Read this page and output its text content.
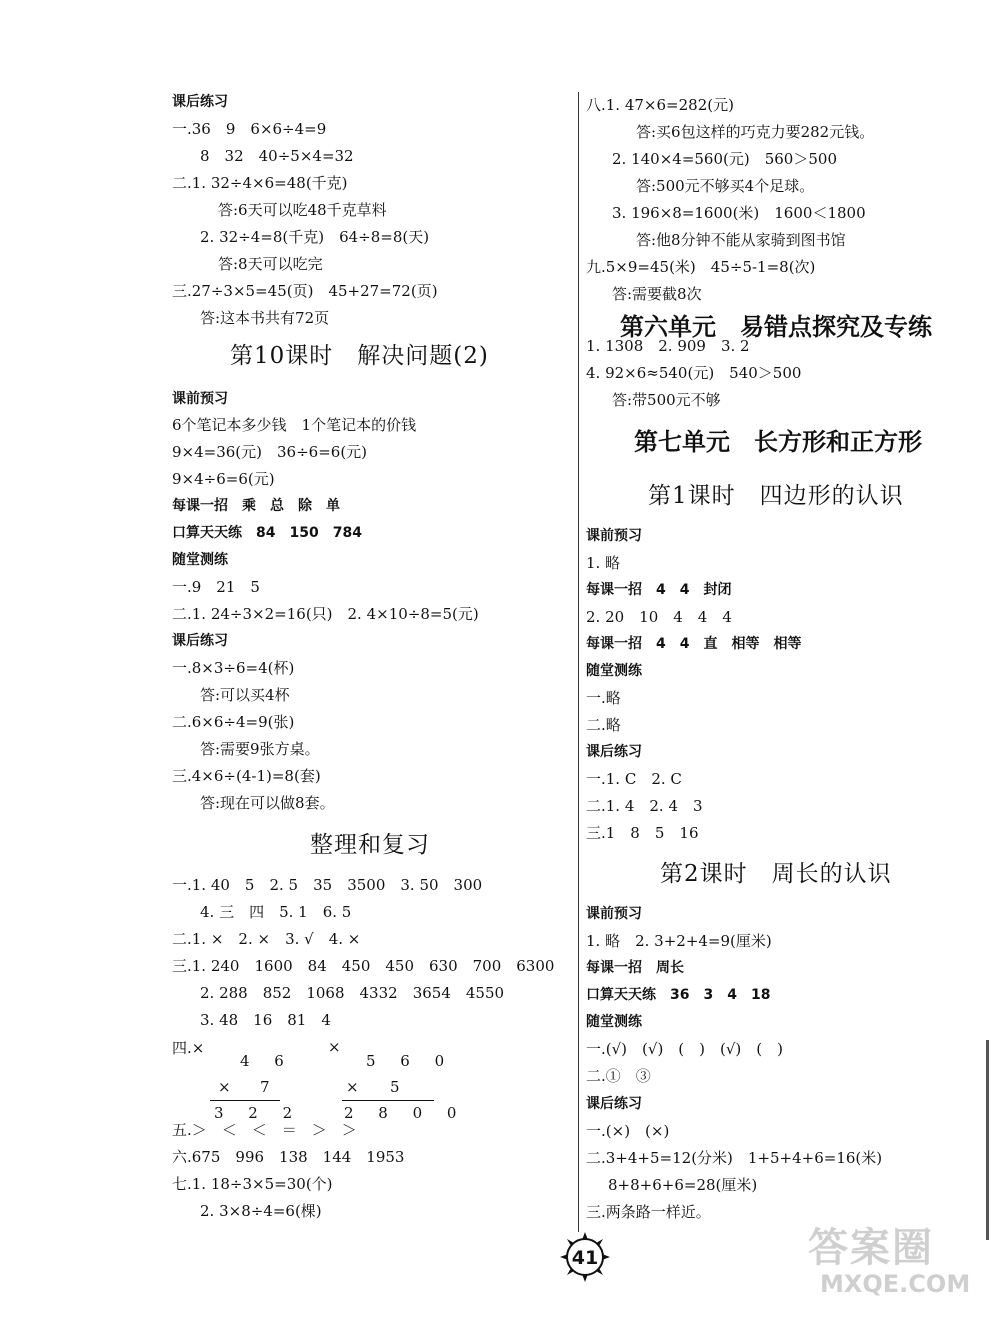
4 6
× 7
3 2 2
×
5 6 0
× 5
2 8 0 0
课后练习
一.36　9　6×6÷4=9
8　32　40÷5×4=32
二.1. 32÷4×6=48(千克)
答:6天可以吃48千克草料
2. 32÷4=8(千克)　64÷8=8(天)
答:8天可以吃完
三.27÷3×5=45(页)　45+27=72(页)
答:这本书共有72页
第10课时　解决问题(2)
课前预习
6个笔记本多少钱　1个笔记本的价钱
9×4=36(元)　36÷6=6(元)
9×4÷6=6(元)
每课一招　乘　总　除　单
口算天天练　84　150　784
随堂测练
一.9　21　5
二.1. 24÷3×2=16(只)　2. 4×10÷8=5(元)
课后练习
一.8×3÷6=4(杯)
答:可以买4杯
二.6×6÷4=9(张)
答:需要9张方桌。
三.4×6÷(4-1)=8(套)
答:现在可以做8套。
整理和复习
一.1. 40　5　2. 5　35　3500　3. 50　300
4. 三　四　5. 1　6. 5
二.1. ×　2. ×　3. √　4. ×
三.1. 240　1600　84　450　450　630　700　6300
2. 288　852　1068　4332　3654　4550
3. 48　16　81　4
四.×
五.＞　＜　＜　＝　＞　＞
六.675　996　138　144　1953
七.1. 18÷3×5=30(个)
2. 3×8÷4=6(棵)
八.1. 47×6=282(元)
答:买6包这样的巧克力要282元钱。
2. 140×4=560(元)　560＞500
答:500元不够买4个足球。
3. 196×8=1600(米)　1600＜1800
答:他8分钟不能从家骑到图书馆
九.5×9=45(米)　45÷5-1=8(次)
答:需要截8次
第六单元　易错点探究及专练
1. 1308　2. 909　3. 2
4. 92×6≈540(元)　540＞500
答:带500元不够
第七单元　长方形和正方形
第1课时　四边形的认识
课前预习
1. 略
每课一招　4　4　封闭
2. 20　10　4　4　4
每课一招　4　4　直　相等　相等
随堂测练
一.略
二.略
课后练习
一.1. C　2. C
二.1. 4　2. 4　3
三.1　8　5　16
第2课时　周长的认识
课前预习
1. 略　2. 3+2+4=9(厘米)
每课一招　周长
口算天天练　36　3　4　18
随堂测练
一.(√)　(√)　(　)　(√)　(　)
二.①　③
课后练习
一.(×)　(×)
二.3+4+5=12(分米)　1+5+4+6=16(米)
8+8+6+6=28(厘米)
三.两条路一样近。
41	答案圈
MXQE.COM
